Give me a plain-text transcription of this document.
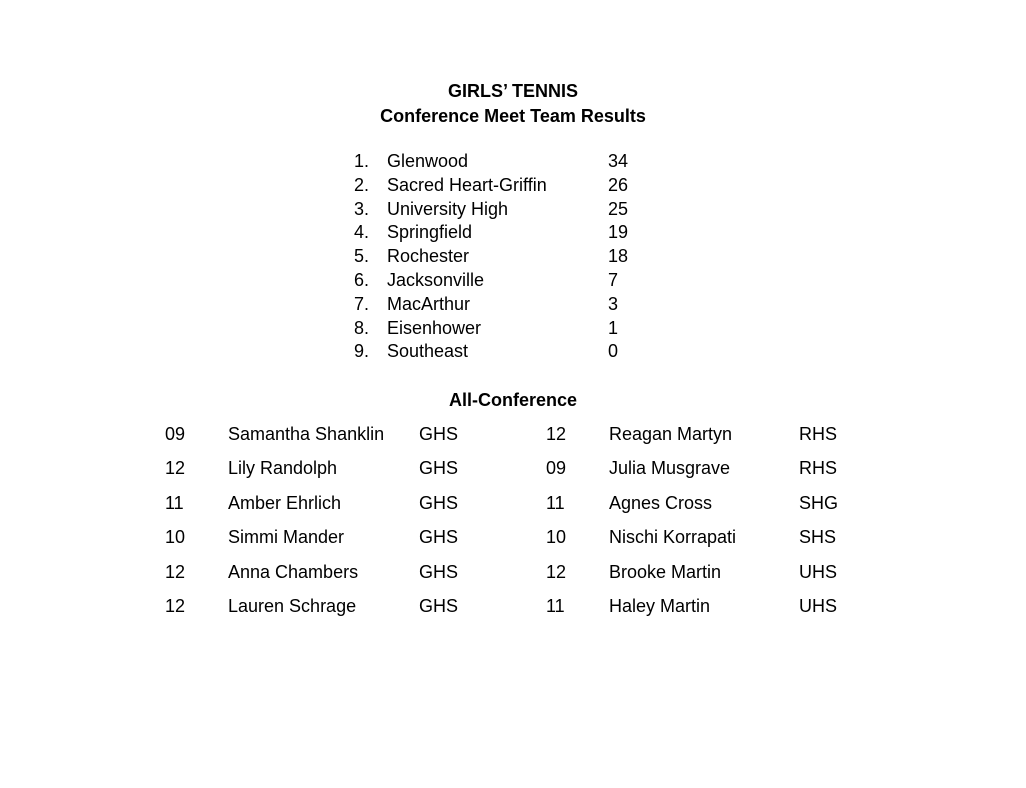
GIRLS’ TENNIS
Conference Meet Team Results
1. Glenwood	34
2. Sacred Heart-Griffin	26
3. University High	25
4. Springfield	19
5. Rochester	18
6. Jacksonville	7
7. MacArthur	3
8. Eisenhower	1
9. Southeast	0
All-Conference
09 Samantha Shanklin GHS	12 Reagan Martyn	RHS
12 Lily Randolph	GHS	09 Julia Musgrave	RHS
11 Amber Ehrlich	GHS	11 Agnes Cross	SHG
10 Simmi Mander	GHS	10 Nischi Korrapati	SHS
12 Anna Chambers	GHS	12 Brooke Martin	UHS
12 Lauren Schrage	GHS	11 Haley Martin	UHS
